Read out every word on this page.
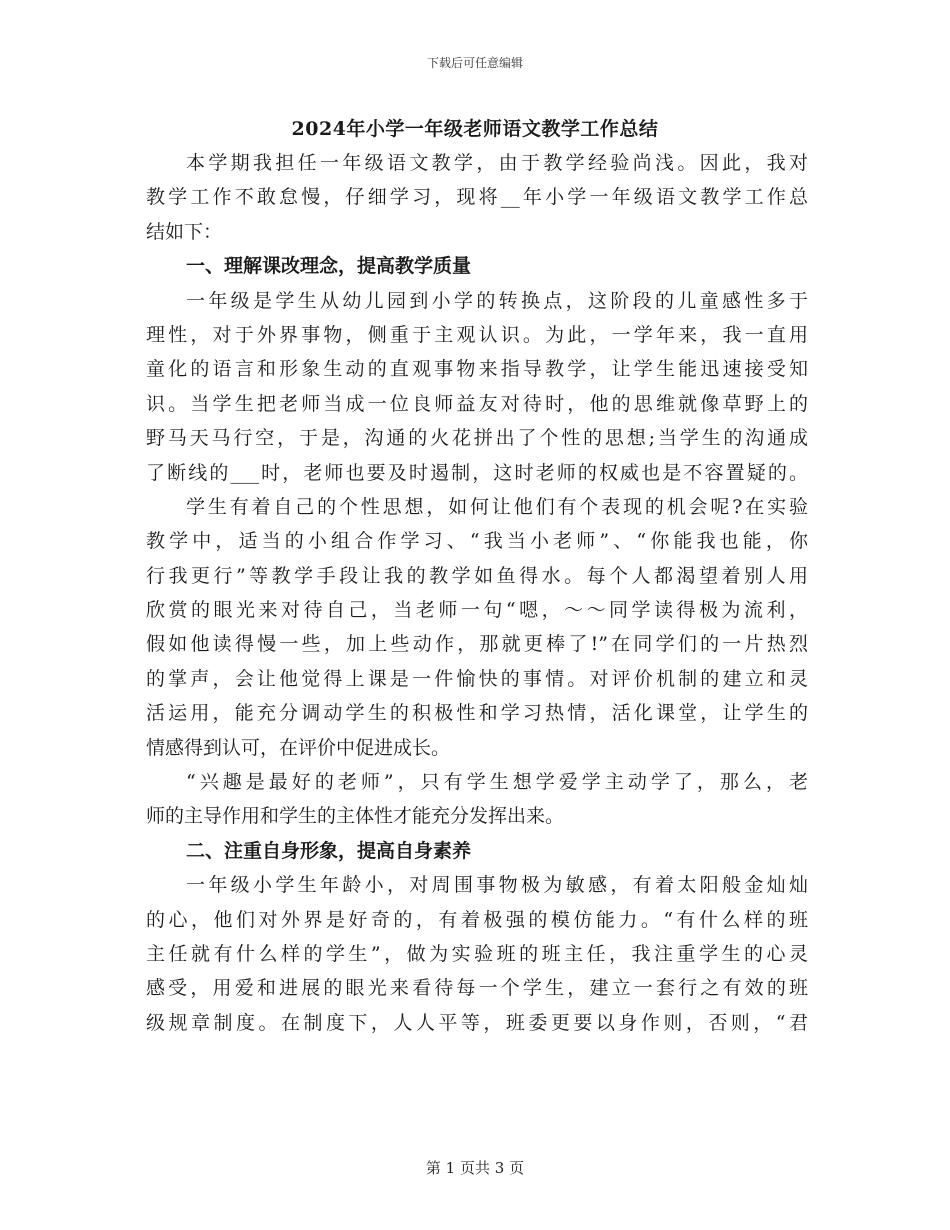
下载后可任意编辑
2024年小学一年级老师语文教学工作总结
本学期我担任一年级语文教学，由于教学经验尚浅。因此，我对
教学工作不敢怠慢，仔细学习，现将__年小学一年级语文教学工作总
结如下：
一、理解课改理念，提高教学质量
一年级是学生从幼儿园到小学的转换点，这阶段的儿童感性多于
理性，对于外界事物，侧重于主观认识。为此，一学年来，我一直用
童化的语言和形象生动的直观事物来指导教学，让学生能迅速接受知
识。当学生把老师当成一位良师益友对待时，他的思维就像草野上的
野马天马行空，于是，沟通的火花拼出了个性的思想;当学生的沟通成
了断线的___时，老师也要及时遏制，这时老师的权威也是不容置疑的。
学生有着自己的个性思想，如何让他们有个表现的机会呢?在实验
教学中，适当的小组合作学习、“我当小老师”、“你能我也能，你
行我更行”等教学手段让我的教学如鱼得水。每个人都渴望着别人用
欣赏的眼光来对待自己，当老师一句“嗯，～～同学读得极为流利，
假如他读得慢一些，加上些动作，那就更棒了!”在同学们的一片热烈
的掌声，会让他觉得上课是一件愉快的事情。对评价机制的建立和灵
活运用，能充分调动学生的积极性和学习热情，活化课堂，让学生的
情感得到认可，在评价中促进成长。
“兴趣是最好的老师”，只有学生想学爱学主动学了，那么，老
师的主导作用和学生的主体性才能充分发挥出来。
二、注重自身形象，提高自身素养
一年级小学生年龄小，对周围事物极为敏感，有着太阳般金灿灿
的心，他们对外界是好奇的，有着极强的模仿能力。“有什么样的班
主任就有什么样的学生”，做为实验班的班主任，我注重学生的心灵
感受，用爱和进展的眼光来看待每一个学生，建立一套行之有效的班
级规章制度。在制度下，人人平等，班委更要以身作则，否则，“君
第 1 页共 3 页
